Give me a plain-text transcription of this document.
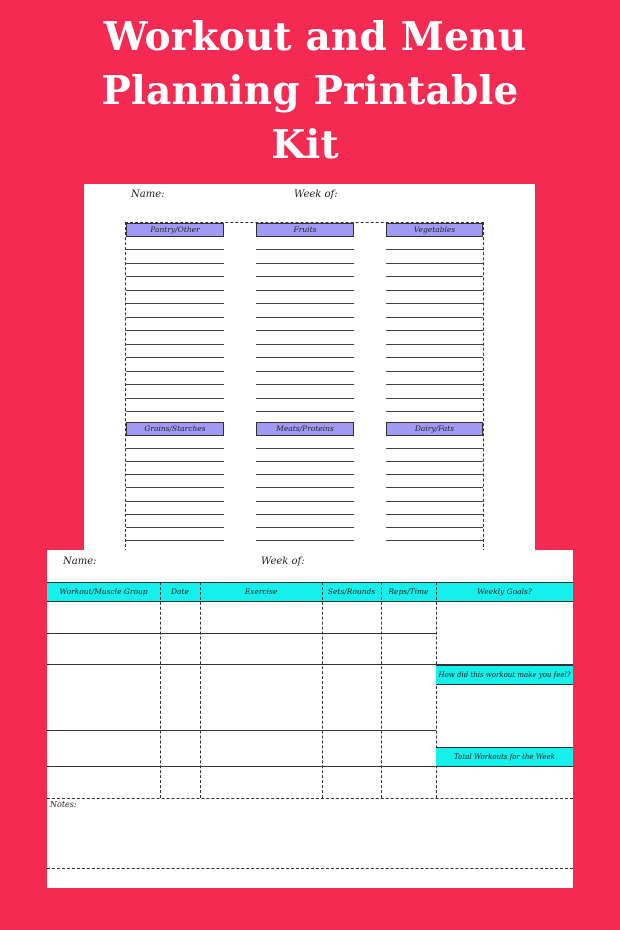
Workout and Menu
Planning Printable
Kit
Name:	Week of:
Pantry/Other	Fruits	Vegetables
Grains/Starches	Meats/Proteins	Dairy/Fats
Name:	Week of:
Workout/Muscle Group	Date	Exercise	Sets/Rounds	Reps/Time	Weekly Goals?
How did this workout make you feel?
Total Workouts for the Week
Notes:
